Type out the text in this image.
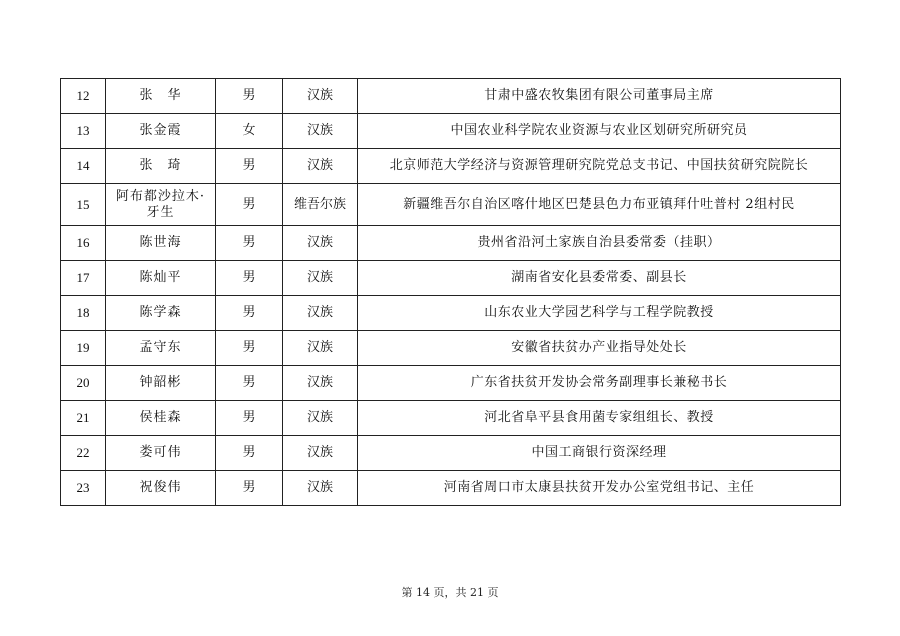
12	张　华	男	汉族	甘肃中盛农牧集团有限公司董事局主席
13	张金霞	女	汉族	中国农业科学院农业资源与农业区划研究所研究员
14	张　琦	男	汉族	北京师范大学经济与资源管理研究院党总支书记、中国扶贫研究院院长
15	阿布都沙拉木·牙生	男	维吾尔族	新疆维吾尔自治区喀什地区巴楚县色力布亚镇拜什吐普村 2组村民
16	陈世海	男	汉族	贵州省沿河土家族自治县委常委（挂职）
17	陈灿平	男	汉族	湖南省安化县委常委、副县长
18	陈学森	男	汉族	山东农业大学园艺科学与工程学院教授
19	孟守东	男	汉族	安徽省扶贫办产业指导处处长
20	钟韶彬	男	汉族	广东省扶贫开发协会常务副理事长兼秘书长
21	侯桂森	男	汉族	河北省阜平县食用菌专家组组长、教授
22	娄可伟	男	汉族	中国工商银行资深经理
23	祝俊伟	男	汉族	河南省周口市太康县扶贫开发办公室党组书记、主任
第 14 页，共 21 页
